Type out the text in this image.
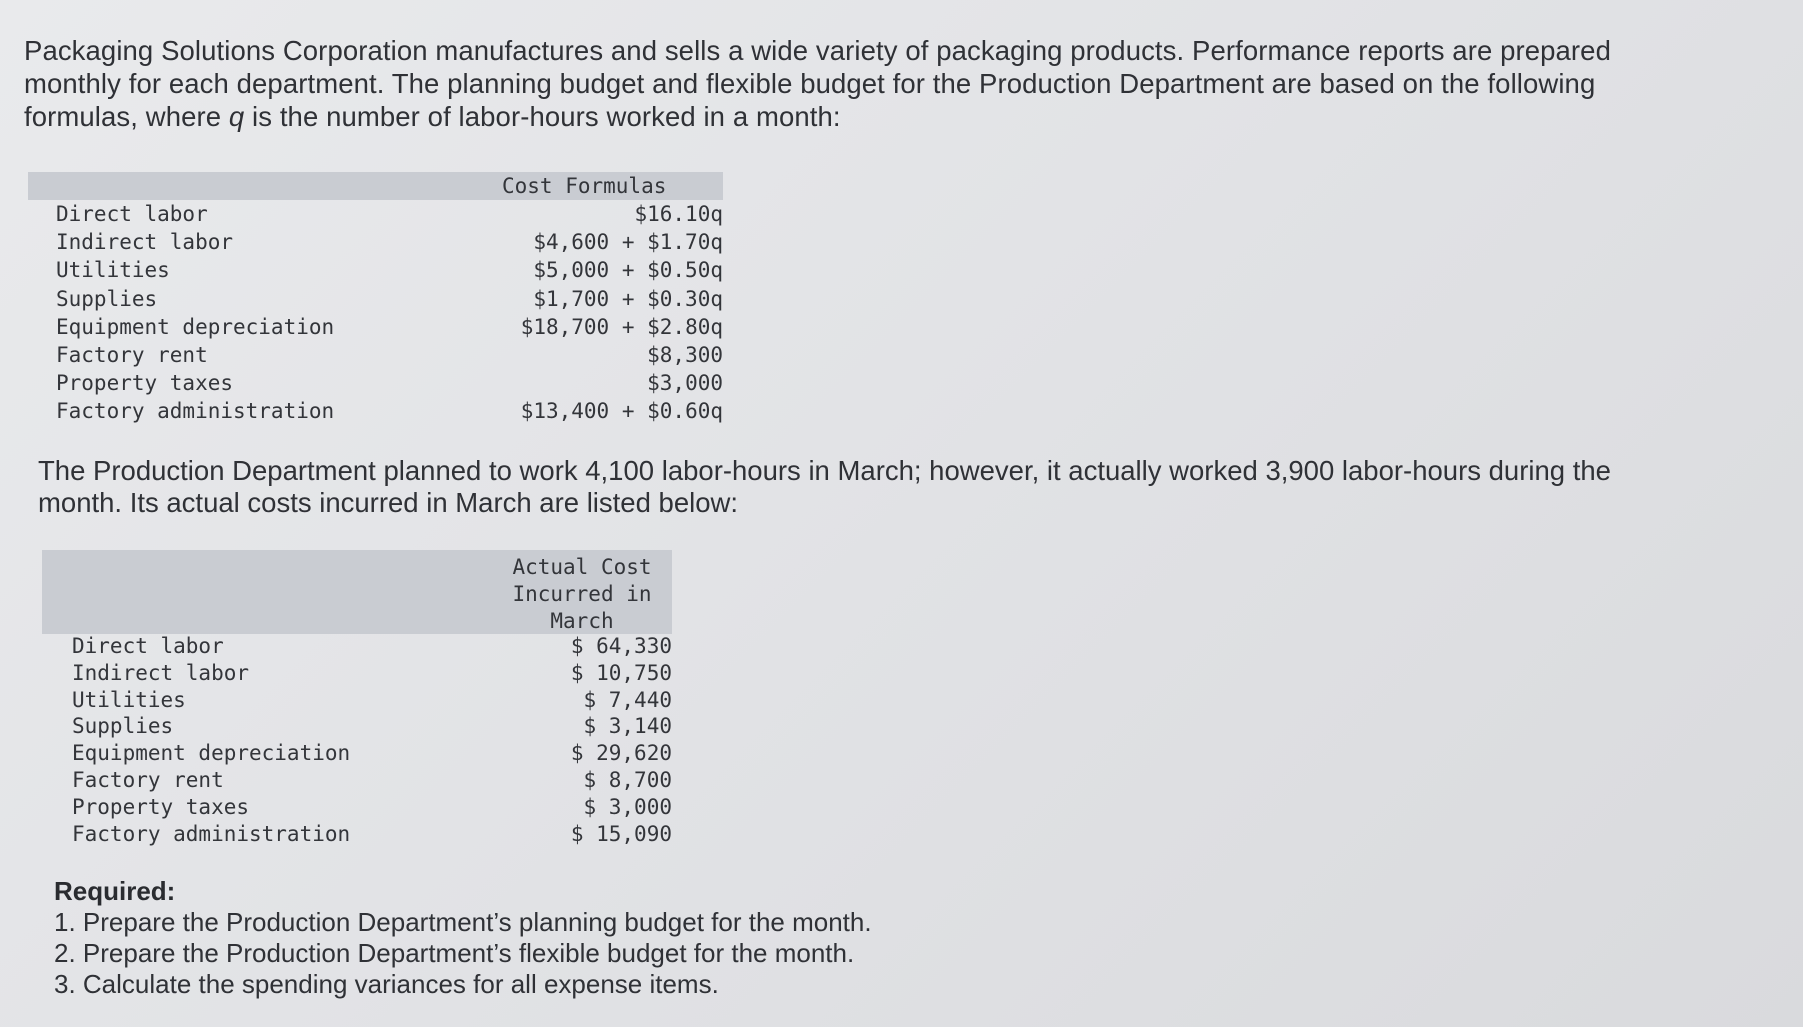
Packaging Solutions Corporation manufactures and sells a wide variety of packaging products. Performance reports are prepared monthly for each department. The planning budget and flexible budget for the Production Department are based on the following formulas, where q is the number of labor-hours worked in a month:

Cost Formulas
Direct labor	$16.10q
Indirect labor	$4,600 + $1.70q
Utilities	$5,000 + $0.50q
Supplies	$1,700 + $0.30q
Equipment depreciation	$18,700 + $2.80q
Factory rent	$8,300
Property taxes	$3,000
Factory administration	$13,400 + $0.60q

The Production Department planned to work 4,100 labor-hours in March; however, it actually worked 3,900 labor-hours during the month. Its actual costs incurred in March are listed below:

Actual Cost
Incurred in
March
Direct labor	$ 64,330
Indirect labor	$ 10,750
Utilities	$ 7,440
Supplies	$ 3,140
Equipment depreciation	$ 29,620
Factory rent	$ 8,700
Property taxes	$ 3,000
Factory administration	$ 15,090
Required:
1. Prepare the Production Department’s planning budget for the month.
2. Prepare the Production Department’s flexible budget for the month.
3. Calculate the spending variances for all expense items.
